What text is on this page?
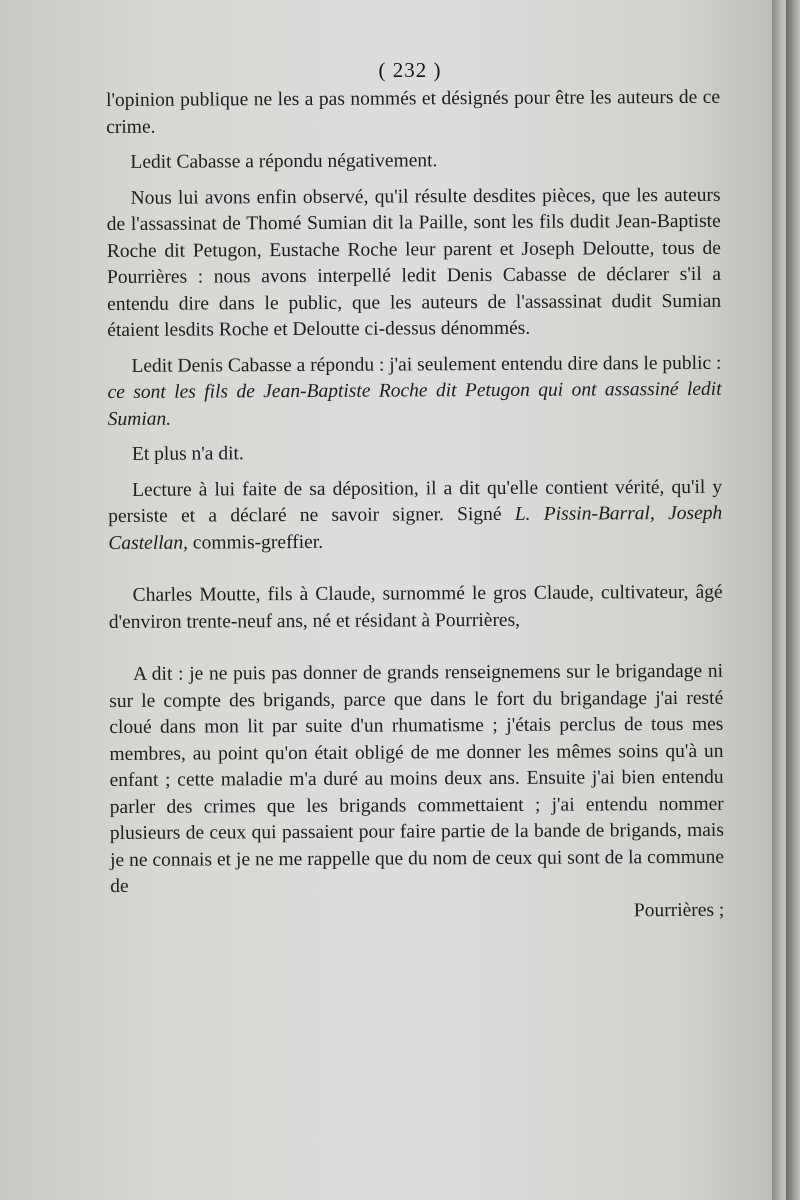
( 232 )

l'opinion publique ne les a pas nommés et désignés pour être les auteurs de ce crime.

Ledit Cabasse a répondu négativement.

Nous lui avons enfin observé, qu'il résulte desdites pièces, que les auteurs de l'assassinat de Thomé Sumian dit la Paille, sont les fils dudit Jean-Baptiste Roche dit Petugon, Eustache Roche leur parent et Joseph Deloutte, tous de Pourrières : nous avons interpellé ledit Denis Cabasse de déclarer s'il a entendu dire dans le public, que les auteurs de l'assassinat dudit Sumian étaient lesdits Roche et Deloutte ci-dessus dénommés.

Ledit Denis Cabasse a répondu : j'ai seulement entendu dire dans le public : ce sont les fils de Jean-Baptiste Roche dit Petugon qui ont assassiné ledit Sumian.

Et plus n'a dit.

Lecture à lui faite de sa déposition, il a dit qu'elle contient vérité, qu'il y persiste et a déclaré ne savoir signer. Signé L. Pissin-Barral, Joseph Castellan, commis-greffier.

Charles Moutte, fils à Claude, surnommé le gros Claude, cultivateur, âgé d'environ trente-neuf ans, né et résidant à Pourrières,

A dit : je ne puis pas donner de grands renseignemens sur le brigandage ni sur le compte des brigands, parce que dans le fort du brigandage j'ai resté cloué dans mon lit par suite d'un rhumatisme ; j'étais perclus de tous mes membres, au point qu'on était obligé de me donner les mêmes soins qu'à un enfant ; cette maladie m'a duré au moins deux ans. Ensuite j'ai bien entendu parler des crimes que les brigands commettaient ; j'ai entendu nommer plusieurs de ceux qui passaient pour faire partie de la bande de brigands, mais je ne connais et je ne me rappelle que du nom de ceux qui sont de la commune de

Pourrières ;
